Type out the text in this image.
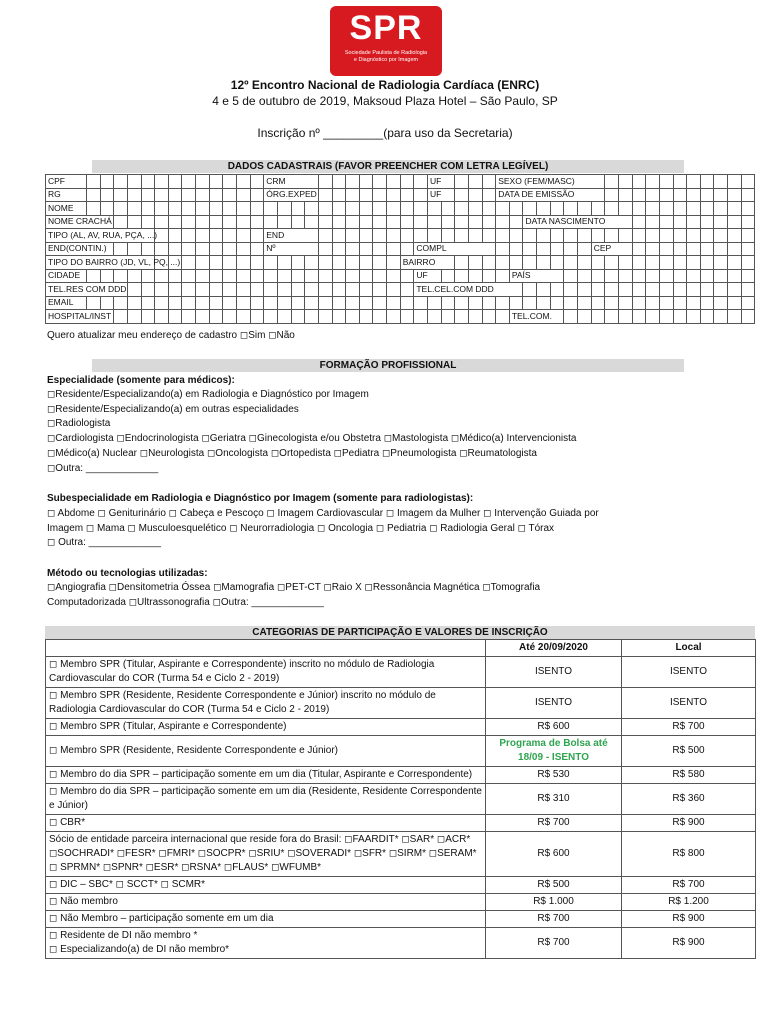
SPR
Sociedade Paulista de Radiologia
e Diagnóstico por Imagem
12º Encontro Nacional de Radiologia Cardíaca (ENRC)
4 e 5 de outubro de 2019, Maksoud Plaza Hotel – São Paulo, SP
Inscrição nº _________(para uso da Secretaria)
DADOS CADASTRAIS (FAVOR PREENCHER COM LETRA LEGÍVEL)
CPF														CRM												UF					SEXO (FEM/MASC)																		
RG														ÓRG.EXPED												UF					DATA DE EMISSÃO																		
NOME																																																	
NOME CRACHÁ																																	DATA NASCIMENTO																
TIPO (AL, AV, RUA, PÇA, ...)														END																																			
END(CONTIN.)														Nº											COMPL													CEP											
TIPO DO BAIRRO (JD, VL, PQ, ...)																								BAIRRO																									
CIDADE																									UF							PAÍS																	
TEL.RES COM DDD																									TEL.CEL.COM DDD																								
EMAIL																																																	
HOSPITAL/INST																																TEL.COM.																	
Quero atualizar meu endereço de cadastro ◻Sim ◻Não
FORMAÇÃO PROFISSIONAL
Especialidade (somente para médicos):
◻Residente/Especializando(a) em Radiologia e Diagnóstico por Imagem
◻Residente/Especializando(a) em outras especialidades
◻Radiologista
◻Cardiologista ◻Endocrinologista ◻Geriatra ◻Ginecologista e/ou Obstetra ◻Mastologista ◻Médico(a) Intervencionista
◻Médico(a) Nuclear ◻Neurologista ◻Oncologista ◻Ortopedista ◻Pediatra ◻Pneumologista ◻Reumatologista
◻Outra: _____________
Subespecialidade em Radiologia e Diagnóstico por Imagem (somente para radiologistas):
◻ Abdome ◻ Geniturinário ◻ Cabeça e Pescoço ◻ Imagem Cardiovascular ◻ Imagem da Mulher ◻ Intervenção Guiada por
Imagem ◻ Mama ◻ Musculoesquelético ◻ Neurorradiologia ◻ Oncologia ◻ Pediatria ◻ Radiologia Geral ◻ Tórax
◻ Outra: _____________
Método ou tecnologias utilizadas:
◻Angiografia ◻Densitometria Óssea ◻Mamografia ◻PET-CT ◻Raio X ◻Ressonância Magnética ◻Tomografia
Computadorizada ◻Ultrassonografia ◻Outra: _____________
CATEGORIAS DE PARTICIPAÇÃO E VALORES DE INSCRIÇÃO
	Até 20/09/2020	Local
◻ Membro SPR (Titular, Aspirante e Correspondente) inscrito no módulo de Radiologia Cardiovascular do COR (Turma 54 e Ciclo 2 - 2019)	ISENTO	ISENTO
◻ Membro SPR (Residente, Residente Correspondente e Júnior) inscrito no módulo de Radiologia Cardiovascular do COR (Turma 54 e Ciclo 2 - 2019)	ISENTO	ISENTO
◻ Membro SPR (Titular, Aspirante e Correspondente)	R$ 600	R$ 700
◻ Membro SPR (Residente, Residente Correspondente e Júnior)	Programa de Bolsa até 18/09 - ISENTO	R$ 500
◻ Membro do dia SPR – participação somente em um dia (Titular, Aspirante e Correspondente)	R$ 530	R$ 580
◻ Membro do dia SPR – participação somente em um dia (Residente, Residente Correspondente e Júnior)	R$ 310	R$ 360
◻ CBR*	R$ 700	R$ 900
Sócio de entidade parceira internacional que reside fora do Brasil: ◻FAARDIT* ◻SAR* ◻ACR* ◻SOCHRADI* ◻FESR* ◻FMRI* ◻SOCPR* ◻SRIU* ◻SOVERADI* ◻SFR* ◻SIRM* ◻SERAM* ◻ SPRMN* ◻SPNR* ◻ESR* ◻RSNA* ◻FLAUS* ◻WFUMB*	R$ 600	R$ 800
◻ DIC – SBC* ◻ SCCT* ◻ SCMR*	R$ 500	R$ 700
◻ Não membro	R$ 1.000	R$ 1.200
◻ Não Membro – participação somente em um dia	R$ 700	R$ 900
◻ Residente de DI não membro *
◻ Especializando(a) de DI não membro*	R$ 700	R$ 900
